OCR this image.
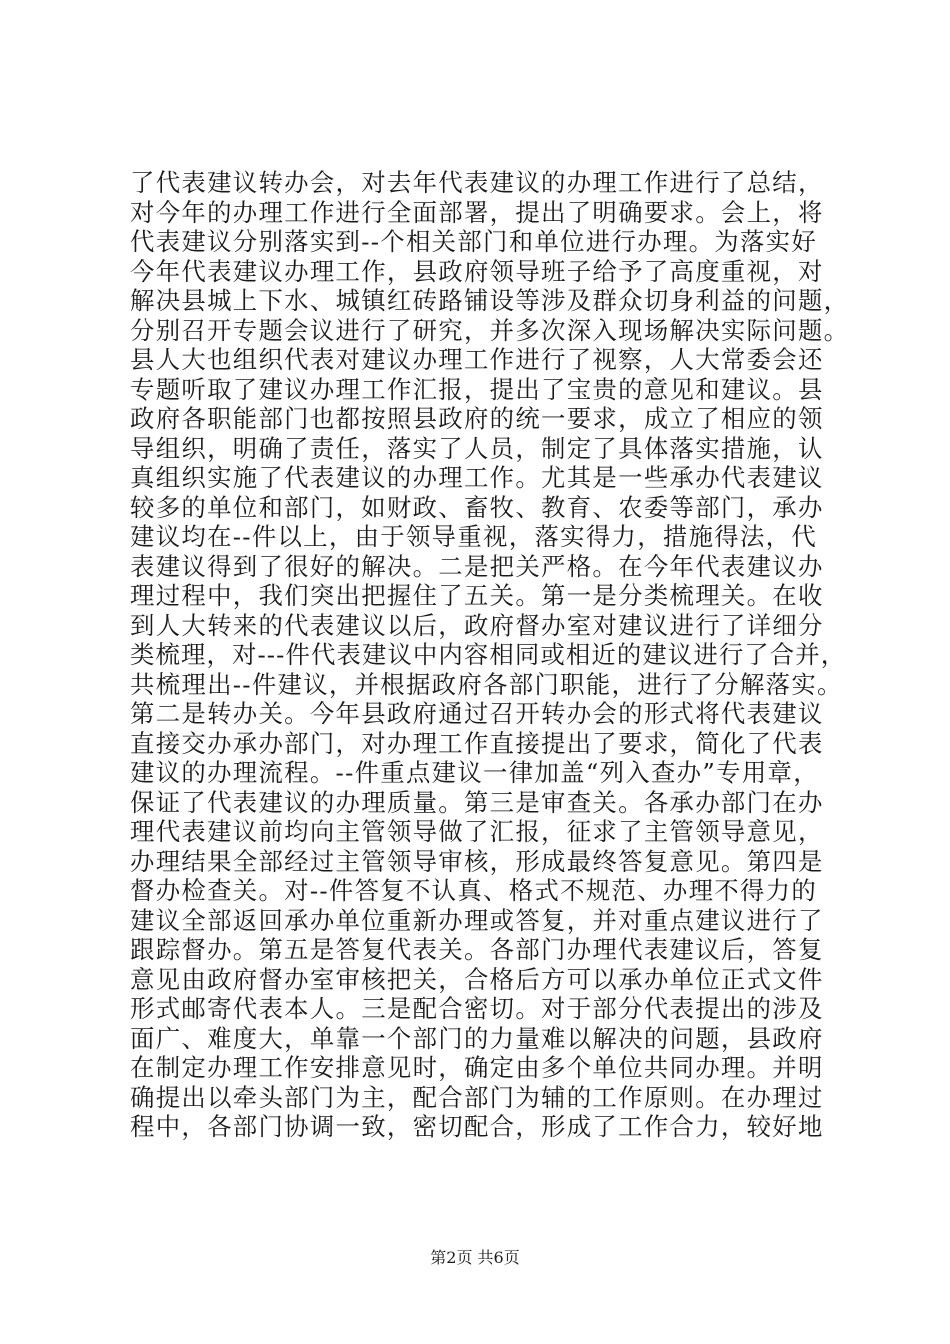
了代表建议转办会，对去年代表建议的办理工作进行了总结，
对今年的办理工作进行全面部署，提出了明确要求。会上，将
代表建议分别落实到--个相关部门和单位进行办理。为落实好
今年代表建议办理工作，县政府领导班子给予了高度重视，对
解决县城上下水、城镇红砖路铺设等涉及群众切身利益的问题，
分别召开专题会议进行了研究，并多次深入现场解决实际问题。
县人大也组织代表对建议办理工作进行了视察，人大常委会还
专题听取了建议办理工作汇报，提出了宝贵的意见和建议。县
政府各职能部门也都按照县政府的统一要求，成立了相应的领
导组织，明确了责任，落实了人员，制定了具体落实措施，认
真组织实施了代表建议的办理工作。尤其是一些承办代表建议
较多的单位和部门，如财政、畜牧、教育、农委等部门，承办
建议均在--件以上，由于领导重视，落实得力，措施得法，代
表建议得到了很好的解决。二是把关严格。在今年代表建议办
理过程中，我们突出把握住了五关。第一是分类梳理关。在收
到人大转来的代表建议以后，政府督办室对建议进行了详细分
类梳理，对---件代表建议中内容相同或相近的建议进行了合并，
共梳理出--件建议，并根据政府各部门职能，进行了分解落实。
第二是转办关。今年县政府通过召开转办会的形式将代表建议
直接交办承办部门，对办理工作直接提出了要求，简化了代表
建议的办理流程。--件重点建议一律加盖“列入查办”专用章，
保证了代表建议的办理质量。第三是审查关。各承办部门在办
理代表建议前均向主管领导做了汇报，征求了主管领导意见，
办理结果全部经过主管领导审核，形成最终答复意见。第四是
督办检查关。对--件答复不认真、格式不规范、办理不得力的
建议全部返回承办单位重新办理或答复，并对重点建议进行了
跟踪督办。第五是答复代表关。各部门办理代表建议后，答复
意见由政府督办室审核把关，合格后方可以承办单位正式文件
形式邮寄代表本人。三是配合密切。对于部分代表提出的涉及
面广、难度大，单靠一个部门的力量难以解决的问题，县政府
在制定办理工作安排意见时，确定由多个单位共同办理。并明
确提出以牵头部门为主，配合部门为辅的工作原则。在办理过
程中，各部门协调一致，密切配合，形成了工作合力，较好地
第2页 共6页
